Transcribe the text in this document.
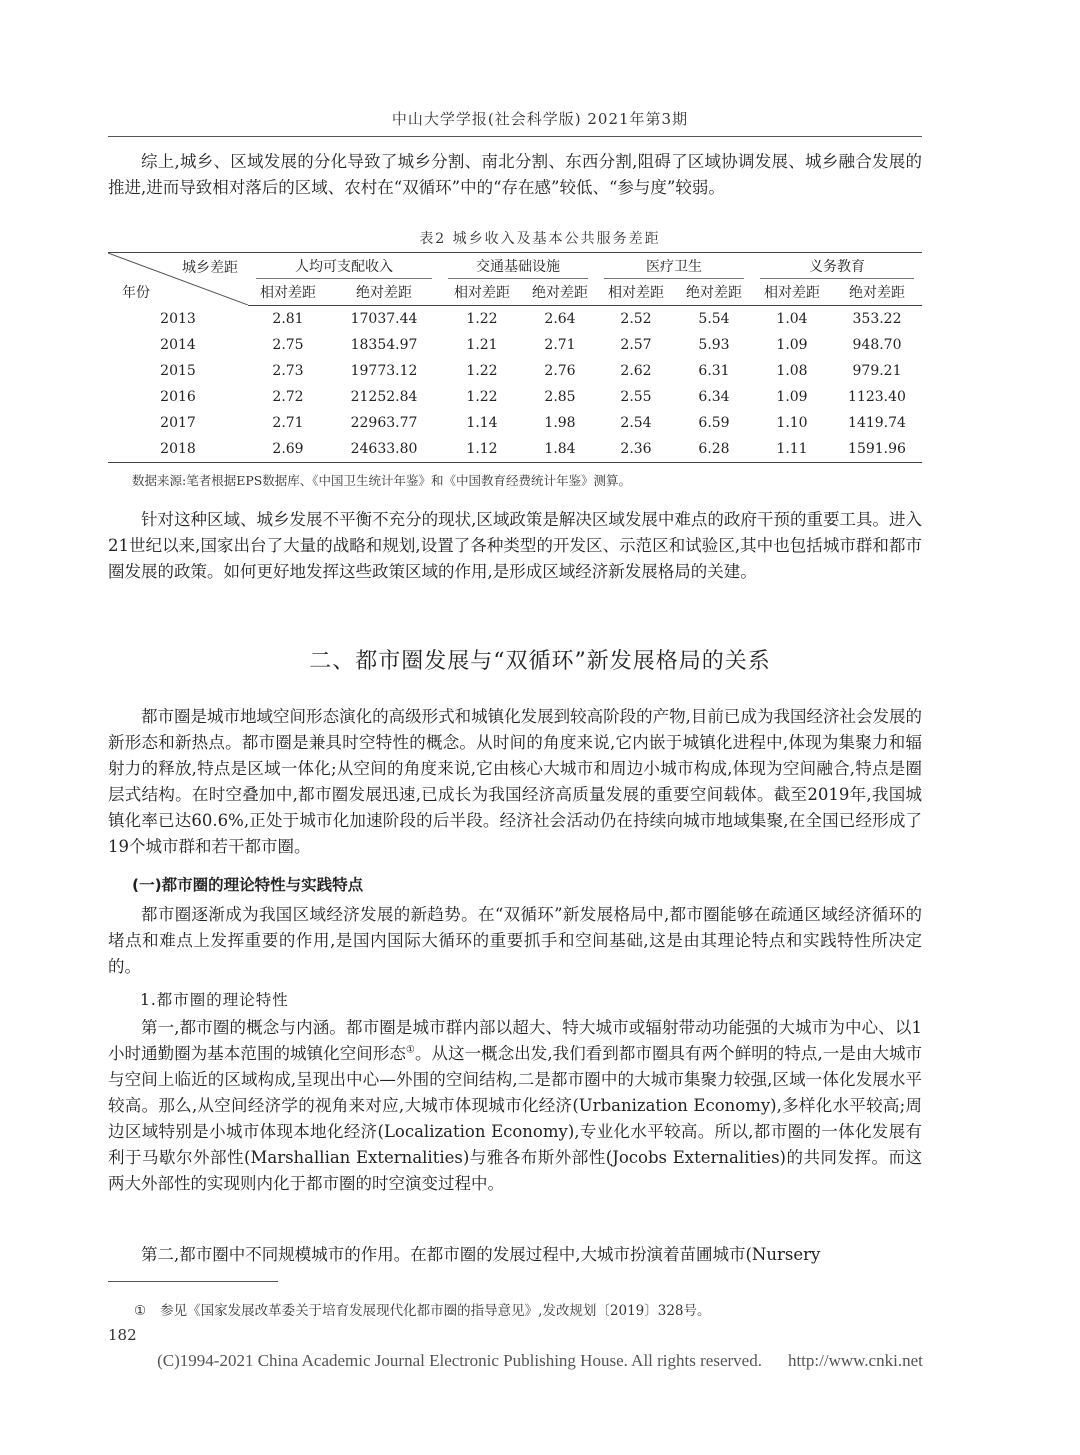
中山大学学报(社会科学版) 2021年第3期

综上,城乡、区域发展的分化导致了城乡分割、南北分割、东西分割,阻碍了区域协调发展、城乡融合发展的推进,进而导致相对落后的区域、农村在“双循环”中的“存在感”较低、“参与度”较弱。

表2 城乡收入及基本公共服务差距
城乡差距
年份	人均可支配收入		交通基础设施		医疗卫生		义务教育	
	相对差距	绝对差距	相对差距	绝对差距	相对差距	绝对差距	相对差距	绝对差距
2013	2.81	17037.44	1.22	2.64	2.52	5.54	1.04	353.22
2014	2.75	18354.97	1.21	2.71	2.57	5.93	1.09	948.70
2015	2.73	19773.12	1.22	2.76	2.62	6.31	1.08	979.21
2016	2.72	21252.84	1.22	2.85	2.55	6.34	1.09	1123.40
2017	2.71	22963.77	1.14	1.98	2.54	6.59	1.10	1419.74
2018	2.69	24633.80	1.12	1.84	2.36	6.28	1.11	1591.96
数据来源:笔者根据EPS数据库、《中国卫生统计年鉴》和《中国教育经费统计年鉴》测算。

针对这种区域、城乡发展不平衡不充分的现状,区域政策是解决区域发展中难点的政府干预的重要工具。进入21世纪以来,国家出台了大量的战略和规划,设置了各种类型的开发区、示范区和试验区,其中也包括城市群和都市圈发展的政策。如何更好地发挥这些政策区域的作用,是形成区域经济新发展格局的关建。

二、都市圈发展与“双循环”新发展格局的关系

都市圈是城市地域空间形态演化的高级形式和城镇化发展到较高阶段的产物,目前已成为我国经济社会发展的新形态和新热点。都市圈是兼具时空特性的概念。从时间的角度来说,它内嵌于城镇化进程中,体现为集聚力和辐射力的释放,特点是区域一体化;从空间的角度来说,它由核心大城市和周边小城市构成,体现为空间融合,特点是圈层式结构。在时空叠加中,都市圈发展迅速,已成长为我国经济高质量发展的重要空间载体。截至2019年,我国城镇化率已达60.6%,正处于城市化加速阶段的后半段。经济社会活动仍在持续向城市地域集聚,在全国已经形成了19个城市群和若干都市圈。

(一)都市圈的理论特性与实践特点

都市圈逐渐成为我国区域经济发展的新趋势。在“双循环”新发展格局中,都市圈能够在疏通区域经济循环的堵点和难点上发挥重要的作用,是国内国际大循环的重要抓手和空间基础,这是由其理论特点和实践特性所决定的。

1.都市圈的理论特性

第一,都市圈的概念与内涵。都市圈是城市群内部以超大、特大城市或辐射带动功能强的大城市为中心、以1小时通勤圈为基本范围的城镇化空间形态①。从这一概念出发,我们看到都市圈具有两个鲜明的特点,一是由大城市与空间上临近的区域构成,呈现出中心—外围的空间结构,二是都市圈中的大城市集聚力较强,区域一体化发展水平较高。那么,从空间经济学的视角来对应,大城市体现城市化经济(Urbanization Economy),多样化水平较高;周边区域特别是小城市体现本地化经济(Localization Economy),专业化水平较高。所以,都市圈的一体化发展有利于马歇尔外部性(Marshallian Externalities)与雅各布斯外部性(Jocobs Externalities)的共同发挥。而这两大外部性的实现则内化于都市圈的时空演变过程中。

第二,都市圈中不同规模城市的作用。在都市圈的发展过程中,大城市扮演着苗圃城市(Nursery

① 参见《国家发展改革委关于培育发展现代化都市圈的指导意见》,发改规划〔2019〕328号。
182
(C)1994-2021 China Academic Journal Electronic Publishing House. All rights reserved. http://www.cnki.net
